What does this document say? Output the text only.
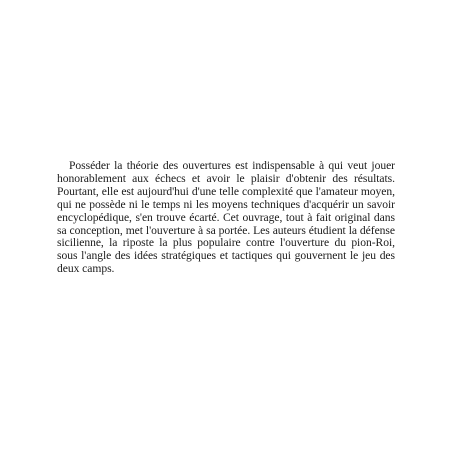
Posséder la théorie des ouvertures est indispensable à qui veut jouer honorablement aux échecs et avoir le plaisir d'obtenir des résultats. Pourtant, elle est aujourd'hui d'une telle complexité que l'amateur moyen, qui ne possède ni le temps ni les moyens techniques d'acquérir un savoir encyclopédique, s'en trouve écarté. Cet ouvrage, tout à fait original dans sa conception, met l'ouverture à sa portée. Les auteurs étudient la défense sicilienne, la riposte la plus populaire contre l'ouverture du pion-Roi, sous l'angle des idées stratégiques et tactiques qui gouvernent le jeu des deux camps.
